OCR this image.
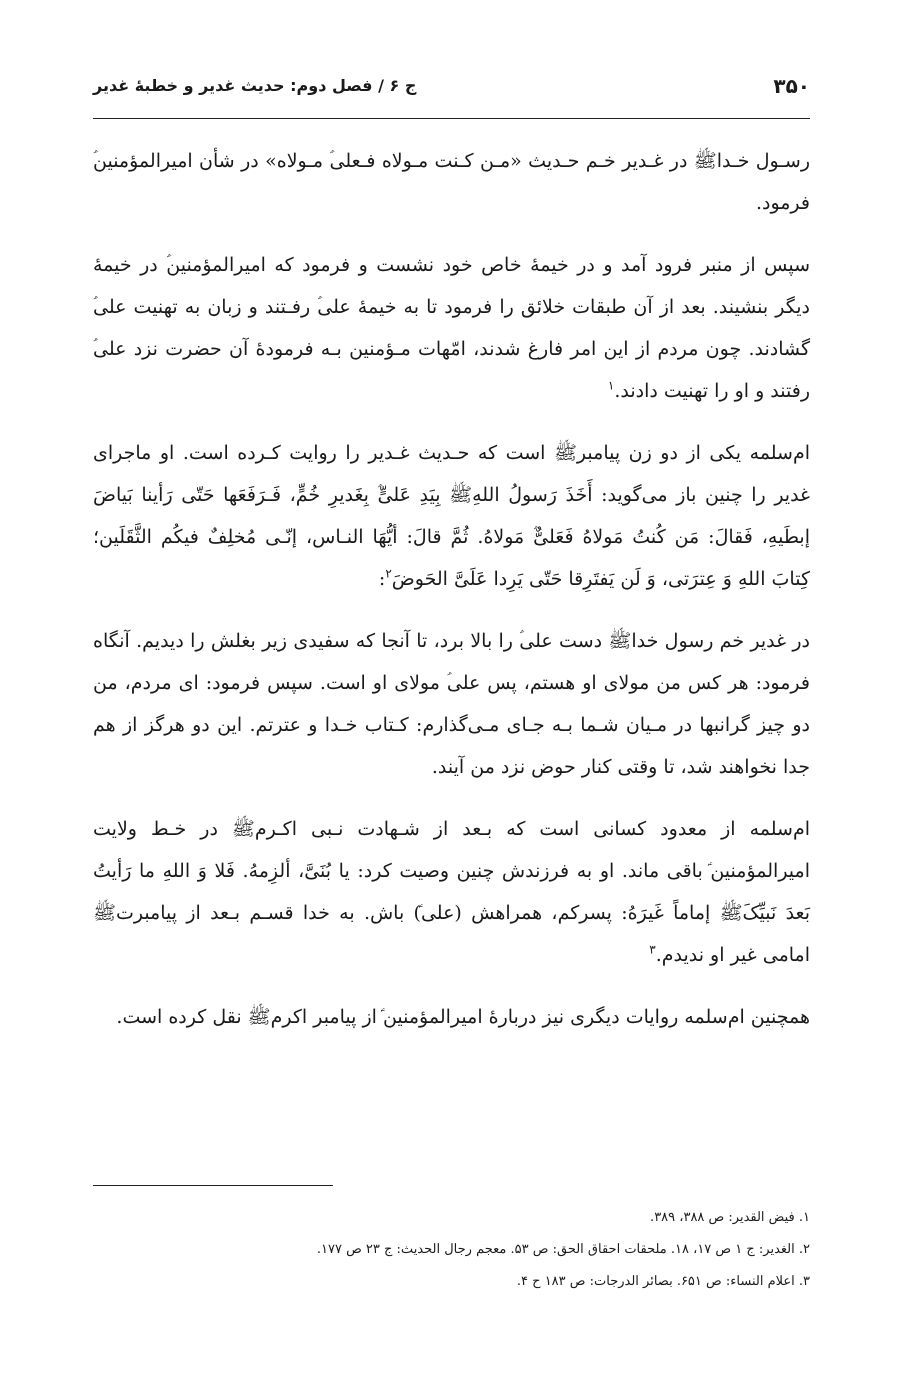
۳۵۰
ج ۶ / فصل دوم: حدیث غدیر و خطبهٔ غدیر

رسـول خـداﷺ در غـدیر خـم حـدیث «مـن کـنت مـولاه فـعلی‌ؑ مـولاه» در شأن امیرالمؤمنین‌ؑ فرمود.

سپس از منبر فرود آمد و در خیمهٔ خاص خود نشست و فرمود که امیرالمؤمنین‌ؑ در خیمهٔ دیگر بنشیند. بعد از آن طبقات خلائق را فرمود تا به خیمهٔ علی‌ؑ رفـتند و زبان به تهنیت علی‌ؑ گشادند. چون مردم از این امر فارغ شدند، امّهات مـؤمنین بـه فرمودهٔ آن حضرت نزد علی‌ؑ رفتند و او را تهنیت دادند.$^۱$

ام‌سلمه یکی از دو زن پیامبرﷺ است که حـدیث غـدیر را روایت کـرده است. او ماجرای غدیر را چنین باز می‌گوید: أَخَذَ رَسولُ اللهِﷺ بِیَدِ عَلیٍّ‌ؑ بِغَدیرِ خُمٍّ، فَـرَفَعَها حَتّی رَأینا بَیاضَ إبطَیهِ، فَقالَ: مَن کُنتُ مَولاهُ فَعَلیٌّ‌ؑ مَولاهُ. ثُمَّ قالَ: أیُّهَا النـاس، إنّـی مُخلِفٌ فیکُم الثَّقَلَین؛ کِتابَ اللهِ وَ عِترَتی، وَ لَن یَفتَرِقا حَتّی یَرِدا عَلَیَّ الحَوضَ$^۲$:

در غدیر خم رسول خداﷺ دست علی‌ؑ را بالا برد، تا آنجا که سفیدی زیر بغلش را دیدیم. آنگاه فرمود: هر کس من مولای او هستم، پس علی‌ؑ مولای او است. سپس فرمود: ای مردم، من دو چیز گرانبها در مـیان شـما بـه جـای مـی‌گذارم: کـتاب خـدا و عترتم. این دو هرگز از هم جدا نخواهند شد، تا وقتی کنار حوض نزد من آیند.

ام‌سلمه از معدود کسانی است که بـعد از شـهادت نـبی اکـرمﷺ در خـط ولایت امیرالمؤمنین‌ؑ باقی ماند. او به فرزندش چنین وصیت کرد: یا بُنَیَّ، ألزِمهُ. فَلا وَ اللهِ ما رَأیتُ بَعدَ نَبیِّکَﷺ إماماً غَیرَهُ: پسرکم، همراهش (علی‌ؑ) باش. به خدا قسـم بـعد از پیامبرتﷺ امامی غیر او ندیدم.$^۳$

همچنین ام‌سلمه روایات دیگری نیز دربارهٔ امیرالمؤمنین‌ؑ از پیامبر اکرمﷺ نقل کرده است.

۱. فیض القدیر: ص ۳۸۸، ۳۸۹.

۲. الغدیر: ج ۱ ص ۱۷، ۱۸. ملحقات احقاق الحق: ص ۵۳. معجم رجال الحدیث: ج ۲۳ ص ۱۷۷.

۳. اعلام النساء: ص ۶۵۱. بصائر الدرجات: ص ۱۸۳ ح ۴.
